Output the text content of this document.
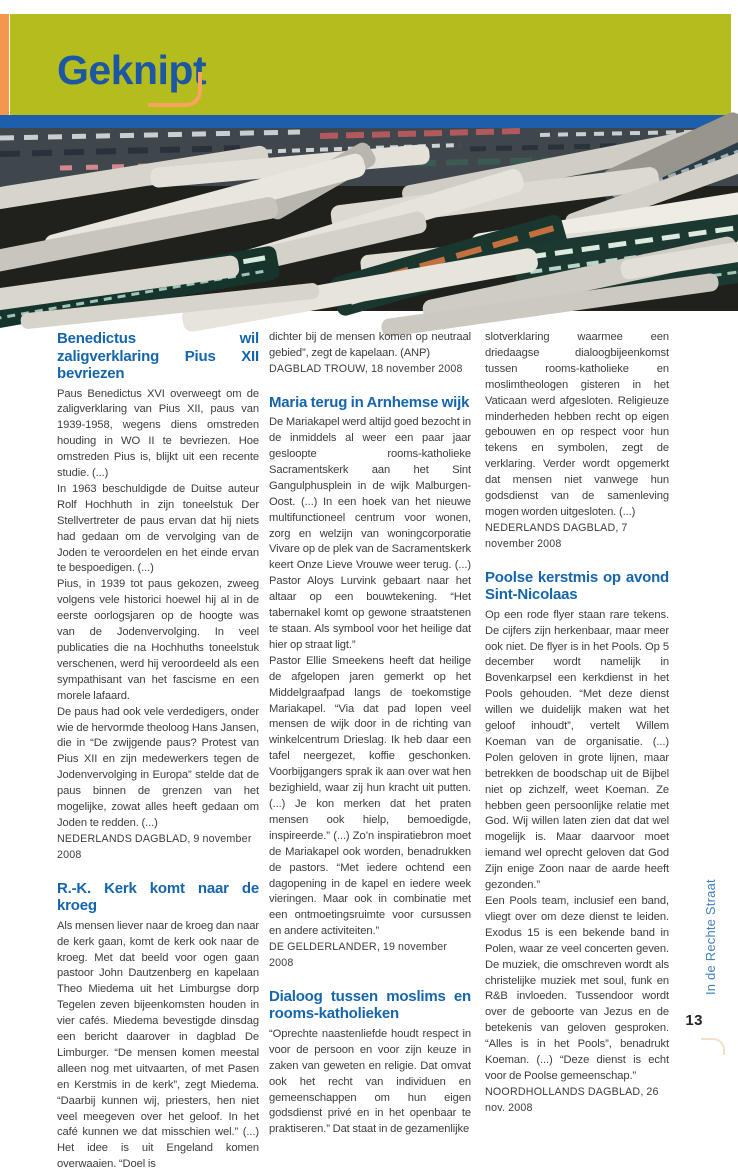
Geknipt
Benedictus wil zaligverklaring Pius XII bevriezen

Paus Benedictus XVI overweegt om de zaligverklaring van Pius XII, paus van 1939-1958, wegens diens omstreden houding in WO II te bevriezen. Hoe omstreden Pius is, blijkt uit een recente studie. (...)

In 1963 beschuldigde de Duitse auteur Rolf Hochhuth in zijn toneelstuk Der Stellvertreter de paus ervan dat hij niets had gedaan om de vervolging van de Joden te veroordelen en het einde ervan te bespoedigen. (...)

Pius, in 1939 tot paus gekozen, zweeg volgens vele historici hoewel hij al in de eerste oorlogsjaren op de hoogte was van de Jodenvervolging. In veel publicaties die na Hochhuths toneelstuk verschenen, werd hij veroordeeld als een sympathisant van het fascisme en een morele lafaard.

De paus had ook vele verdedigers, onder wie de hervormde theoloog Hans Jansen, die in “De zwijgende paus? Protest van Pius XII en zijn medewerkers tegen de Jodenvervolging in Europa” stelde dat de paus binnen de grenzen van het mogelijke, zowat alles heeft gedaan om Joden te redden. (...)

NEDERLANDS DAGBLAD, 9 november 2008

R.-K. Kerk komt naar de kroeg

Als mensen liever naar de kroeg dan naar de kerk gaan, komt de kerk ook naar de kroeg. Met dat beeld voor ogen gaan pastoor John Dautzenberg en kapelaan Theo Miedema uit het Limburgse dorp Tegelen zeven bijeenkomsten houden in vier cafés. Miedema bevestigde dinsdag een bericht daarover in dagblad De Limburger. “De mensen komen meestal alleen nog met uitvaarten, of met Pasen en Kerstmis in de kerk”, zegt Miedema. “Daarbij kunnen wij, priesters, hen niet veel meegeven over het geloof. In het café kunnen we dat misschien wel.” (...) Het idee is uit Engeland komen overwaaien. “Doel is

dichter bij de mensen komen op neutraal gebied”, zegt de kapelaan. (ANP)

DAGBLAD TROUW, 18 november 2008

Maria terug in Arnhemse wijk

De Mariakapel werd altijd goed bezocht in de inmiddels al weer een paar jaar gesloopte rooms-katholieke Sacramentskerk aan het Sint Gangulphusplein in de wijk Malburgen-Oost. (...) In een hoek van het nieuwe multifunctioneel centrum voor wonen, zorg en welzijn van woningcorporatie Vivare op de plek van de Sacramentskerk keert Onze Lieve Vrouwe weer terug. (...) Pastor Aloys Lurvink gebaart naar het altaar op een bouwtekening. “Het tabernakel komt op gewone straatstenen te staan. Als symbool voor het heilige dat hier op straat ligt.”

Pastor Ellie Smeekens heeft dat heilige de afgelopen jaren gemerkt op het Middelgraafpad langs de toekomstige Mariakapel. “Via dat pad lopen veel mensen de wijk door in de richting van winkelcentrum Drieslag. Ik heb daar een tafel neergezet, koffie geschonken. Voorbijgangers sprak ik aan over wat hen bezighield, waar zij hun kracht uit putten. (...) Je kon merken dat het praten mensen ook hielp, bemoedigde, inspireerde.” (...) Zo’n inspiratiebron moet de Mariakapel ook worden, benadrukken de pastors. “Met iedere ochtend een dagopening in de kapel en iedere week vieringen. Maar ook in combinatie met een ontmoetingsruimte voor cursussen en andere activiteiten.”

DE GELDERLANDER, 19 november 2008

Dialoog tussen moslims en rooms-katholieken

“Oprechte naastenliefde houdt respect in voor de persoon en voor zijn keuze in zaken van geweten en religie. Dat omvat ook het recht van individuen en gemeenschappen om hun eigen godsdienst privé en in het openbaar te praktiseren.” Dat staat in de gezamenlijke

slotverklaring waarmee een driedaagse dialoogbijeenkomst tussen rooms-katholieke en moslimtheologen gisteren in het Vaticaan werd afgesloten. Religieuze minderheden hebben recht op eigen gebouwen en op respect voor hun tekens en symbolen, zegt de verklaring. Verder wordt opgemerkt dat mensen niet vanwege hun godsdienst van de samenleving mogen worden uitgesloten. (...)

NEDERLANDS DAGBLAD, 7 november 2008

Poolse kerstmis op avond Sint-Nicolaas

Op een rode flyer staan rare tekens. De cijfers zijn herkenbaar, maar meer ook niet. De flyer is in het Pools. Op 5 december wordt namelijk in Bovenkarpsel een kerkdienst in het Pools gehouden. “Met deze dienst willen we duidelijk maken wat het geloof inhoudt”, vertelt Willem Koeman van de organisatie. (...) Polen geloven in grote lijnen, maar betrekken de boodschap uit de Bijbel niet op zichzelf, weet Koeman. Ze hebben geen persoonlijke relatie met God. Wij willen laten zien dat dat wel mogelijk is. Maar daarvoor moet iemand wel oprecht geloven dat God Zijn enige Zoon naar de aarde heeft gezonden.”

Een Pools team, inclusief een band, vliegt over om deze dienst te leiden. Exodus 15 is een bekende band in Polen, waar ze veel concerten geven. De muziek, die omschreven wordt als christelijke muziek met soul, funk en R&B invloeden. Tussendoor wordt over de geboorte van Jezus en de betekenis van geloven gesproken. “Alles is in het Pools”, benadrukt Koeman. (...) “Deze dienst is echt voor de Poolse gemeenschap.”

NOORDHOLLANDS DAGBLAD, 26 nov. 2008

In de Rechte Straat
13
